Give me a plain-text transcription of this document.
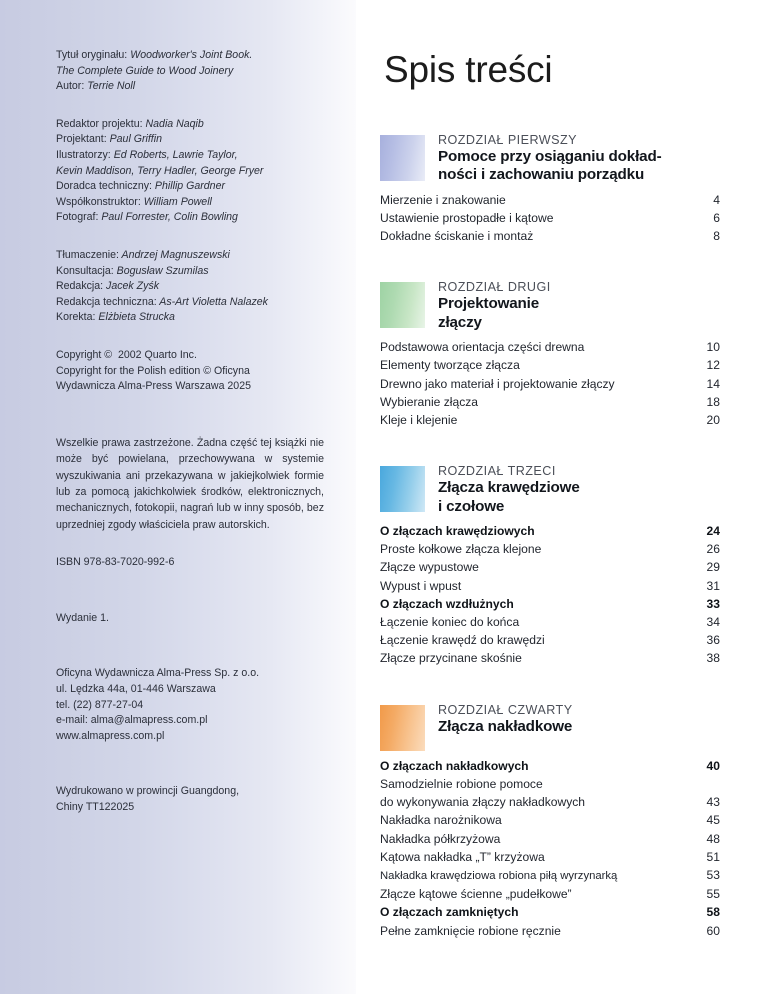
Tytuł oryginału: Woodworker's Joint Book.
The Complete Guide to Wood Joinery
Autor: Terrie Noll
Redaktor projektu: Nadia Naqib
Projektant: Paul Griffin
Ilustratorzy: Ed Roberts, Lawrie Taylor,
Kevin Maddison, Terry Hadler, George Fryer
Doradca techniczny: Phillip Gardner
Współkonstruktor: William Powell
Fotograf: Paul Forrester, Colin Bowling
Tłumaczenie: Andrzej Magnuszewski
Konsultacja: Bogusław Szumilas
Redakcja: Jacek Zyśk
Redakcja techniczna: As-Art Violetta Nalazek
Korekta: Elżbieta Strucka
Copyright ©  2002 Quarto Inc.
Copyright for the Polish edition © Oficyna
Wydawnicza Alma-Press Warszawa 2025
Wszelkie prawa zastrzeżone. Żadna część tej książki nie może być powielana, przechowywana w systemie wyszukiwania ani przekazywana w jakiejkolwiek formie lub za pomocą jakichkolwiek środków, elektronicznych, mechanicznych, fotokopii, nagrań lub w inny sposób, bez uprzedniej zgody właściciela praw autorskich.
ISBN 978-83-7020-992-6
Wydanie 1.
Oficyna Wydawnicza Alma-Press Sp. z o.o.
ul. Lędzka 44a, 01-446 Warszawa
tel. (22) 877-27-04
e-mail: alma@almapress.com.pl
www.almapress.com.pl
Wydrukowano w prowincji Guangdong,
Chiny TT122025
Spis treści
ROZDZIAŁ PIERWSZY
Pomoce przy osiąganiu dokład-
ności i zachowaniu porządku
Mierzenie i znakowanie	4
Ustawienie prostopadłe i kątowe	6
Dokładne ściskanie i montaż	8
ROZDZIAŁ DRUGI
Projektowanie
złączy
Podstawowa orientacja części drewna	10
Elementy tworzące złącza	12
Drewno jako materiał i projektowanie złączy	14
Wybieranie złącza	18
Kleje i klejenie	20
ROZDZIAŁ TRZECI
Złącza krawędziowe
i czołowe
O złączach krawędziowych	24
Proste kołkowe złącza klejone	26
Złącze wypustowe	29
Wypust i wpust	31
O złączach wzdłużnych	33
Łączenie koniec do końca	34
Łączenie krawędź do krawędzi	36
Złącze przycinane skośnie	38
ROZDZIAŁ CZWARTY
Złącza nakładkowe
O złączach nakładkowych	40
Samodzielnie robione pomoce
do wykonywania złączy nakładkowych	43
Nakładka narożnikowa	45
Nakładka półkrzyżowa	48
Kątowa nakładka „T” krzyżowa	51
Nakładka krawędziowa robiona piłą wyrzynarką	53
Złącze kątowe ścienne „pudełkowe”	55
O złączach zamkniętych	58
Pełne zamknięcie robione ręcznie	60
